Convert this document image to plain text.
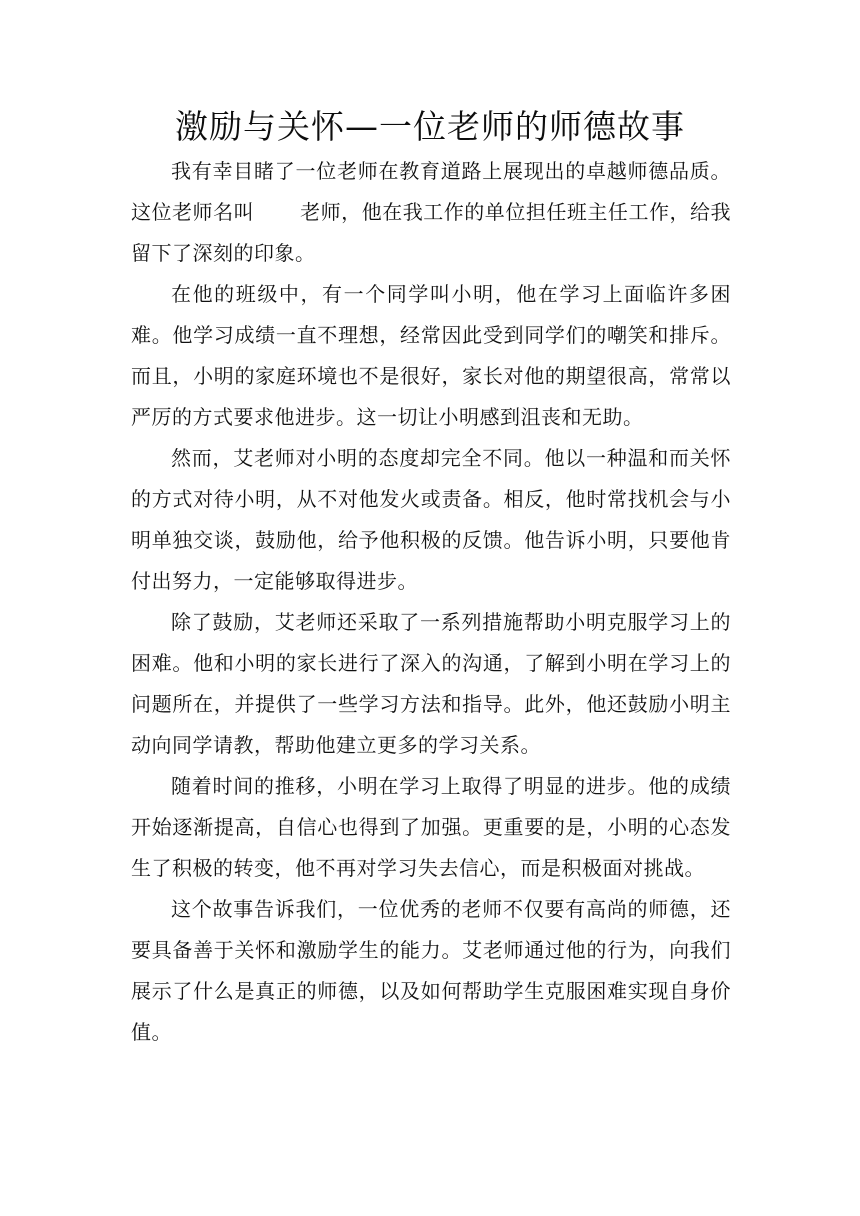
激励与关怀—一位老师的师德故事

我有幸目睹了一位老师在教育道路上展现出的卓越师德品质。这位老师名叫 老师，他在我工作的单位担任班主任工作，给我留下了深刻的印象。

在他的班级中，有一个同学叫小明，他在学习上面临许多困难。他学习成绩一直不理想，经常因此受到同学们的嘲笑和排斥。而且，小明的家庭环境也不是很好，家长对他的期望很高，常常以严厉的方式要求他进步。这一切让小明感到沮丧和无助。

然而，艾老师对小明的态度却完全不同。他以一种温和而关怀的方式对待小明，从不对他发火或责备。相反，他时常找机会与小明单独交谈，鼓励他，给予他积极的反馈。他告诉小明，只要他肯付出努力，一定能够取得进步。

除了鼓励，艾老师还采取了一系列措施帮助小明克服学习上的困难。他和小明的家长进行了深入的沟通，了解到小明在学习上的问题所在，并提供了一些学习方法和指导。此外，他还鼓励小明主动向同学请教，帮助他建立更多的学习关系。

随着时间的推移，小明在学习上取得了明显的进步。他的成绩开始逐渐提高，自信心也得到了加强。更重要的是，小明的心态发生了积极的转变，他不再对学习失去信心，而是积极面对挑战。

这个故事告诉我们，一位优秀的老师不仅要有高尚的师德，还要具备善于关怀和激励学生的能力。艾老师通过他的行为，向我们展示了什么是真正的师德，以及如何帮助学生克服困难实现自身价值。
